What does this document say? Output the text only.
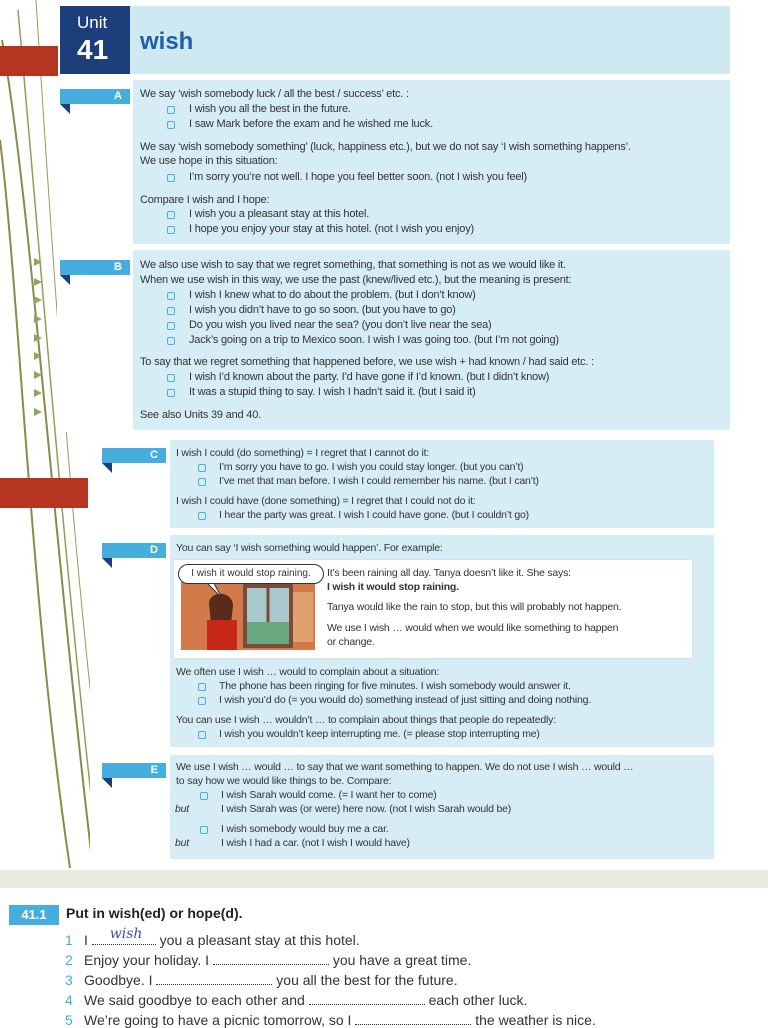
Unit
41 wish
A	We say ‘wish somebody luck / all the best / success’ etc. :
I wish you all the best in the future.
I saw Mark before the exam and he wished me luck.
We say ‘wish somebody something’ (luck, happiness etc.), but we do not say ‘I wish something happens’.
We use hope in this situation:
I’m sorry you’re not well. I hope you feel better soon. (not I wish you feel)
Compare I wish and I hope:
I wish you a pleasant stay at this hotel.
I hope you enjoy your stay at this hotel. (not I wish you enjoy)
B	We also use wish to say that we regret something, that something is not as we would like it.
When we use wish in this way, we use the past (knew/lived etc.), but the meaning is present:
I wish I knew what to do about the problem. (but I don’t know)
I wish you didn’t have to go so soon. (but you have to go)
Do you wish you lived near the sea? (you don’t live near the sea)
Jack’s going on a trip to Mexico soon. I wish I was going too. (but I’m not going)
To say that we regret something that happened before, we use wish + had known / had said etc. :
I wish I’d known about the party. I’d have gone if I’d known. (but I didn’t know)
It was a stupid thing to say. I wish I hadn’t said it. (but I said it)
See also Units 39 and 40.
C	I wish I could (do something) = I regret that I cannot do it:
I’m sorry you have to go. I wish you could stay longer. (but you can’t)
I’ve met that man before. I wish I could remember his name. (but I can’t)
I wish I could have (done something) = I regret that I could not do it:
I hear the party was great. I wish I could have gone. (but I couldn’t go)
D	You can say ‘I wish something would happen’. For example:
I wish it would stop raining.	It’s been raining all day. Tanya doesn’t like it. She says:
I wish it would stop raining.
Tanya would like the rain to stop, but this will probably not happen.
We use I wish … would when we would like something to happen
or change.
We often use I wish … would to complain about a situation:
The phone has been ringing for five minutes. I wish somebody would answer it.
I wish you’d do (= you would do) something instead of just sitting and doing nothing.
You can use I wish … wouldn’t … to complain about things that people do repeatedly:
I wish you wouldn’t keep interrupting me. (= please stop interrupting me)
E	We use I wish … would … to say that we want something to happen. We do not use I wish … would …
to say how we would like things to be. Compare:
I wish Sarah would come. (= I want her to come)
but	I wish Sarah was (or were) here now. (not I wish Sarah would be)
I wish somebody would buy me a car.
but	I wish I had a car. (not I wish I would have)
41.1	Put in wish(ed) or hope(d).
1 I wish you a pleasant stay at this hotel.
2 Enjoy your holiday. I	you have a great time.
3 Goodbye. I	you all the best for the future.
4 We said goodbye to each other and	each other luck.
5 We’re going to have a picnic tomorrow, so I	the weather is nice.
